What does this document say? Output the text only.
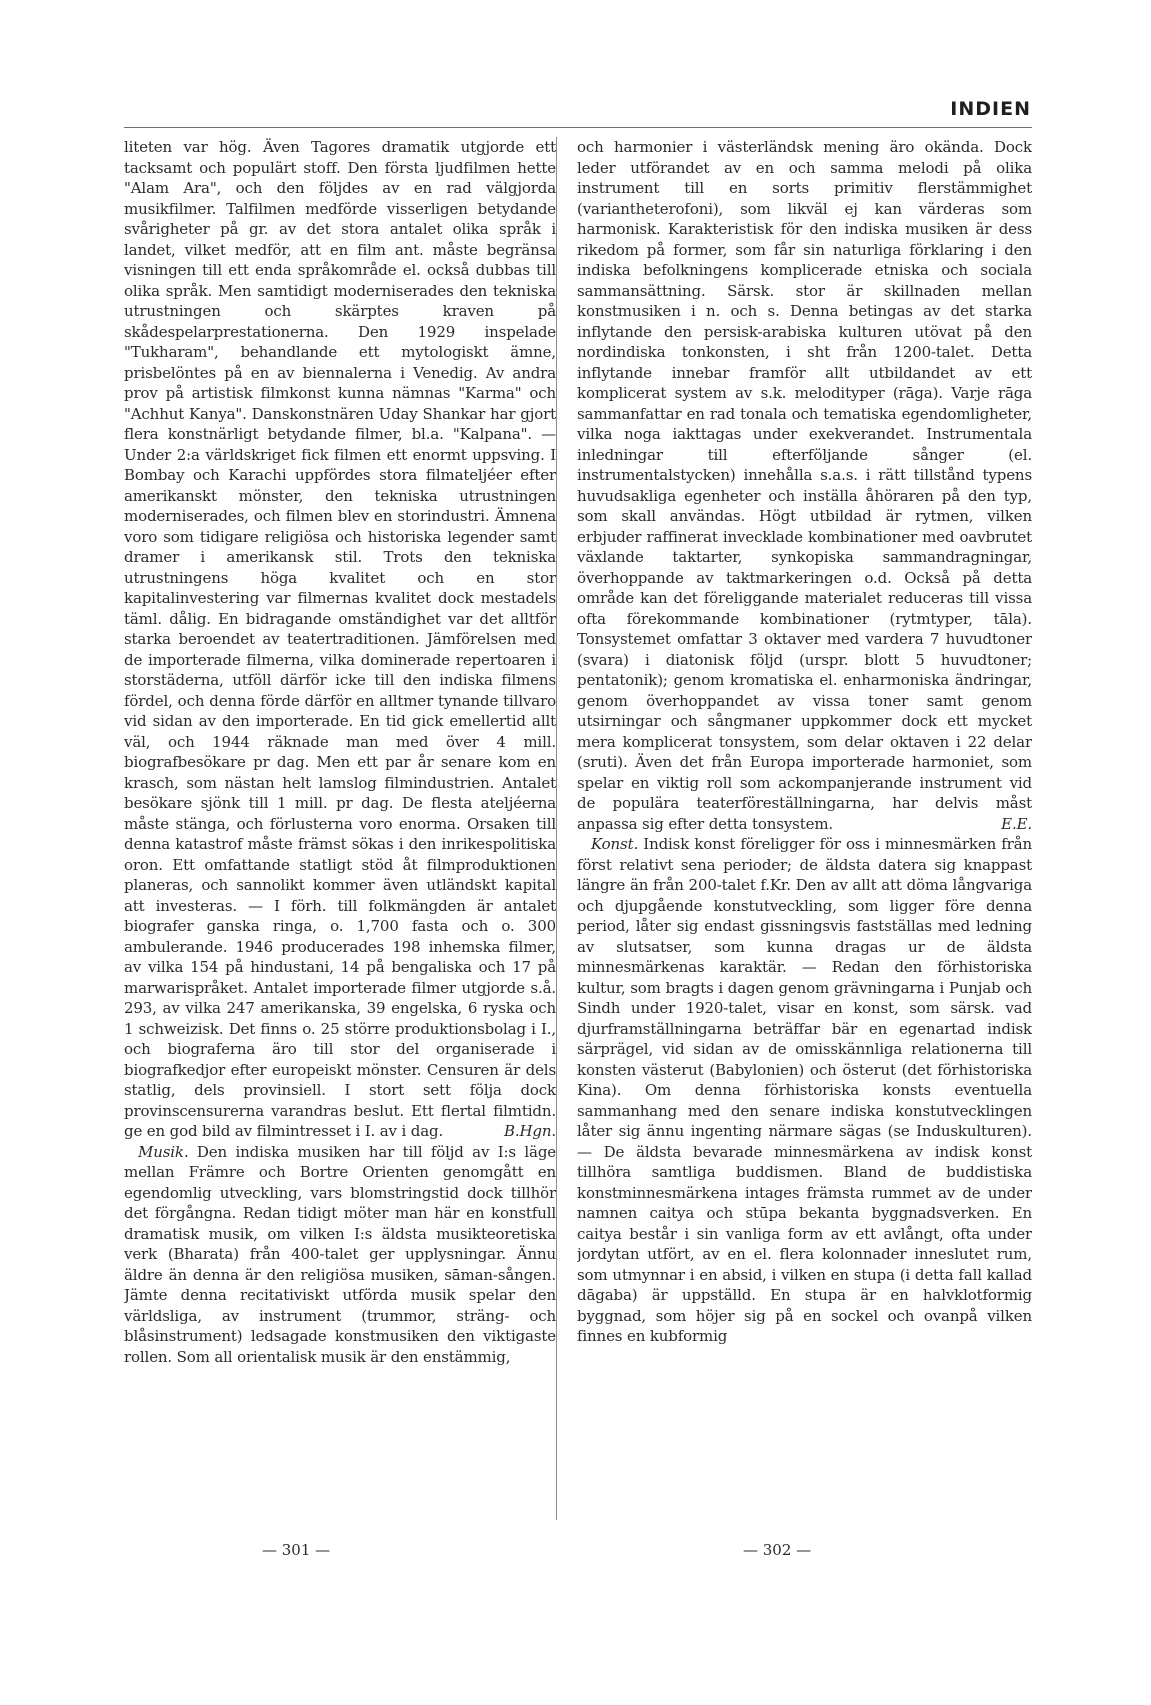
INDIEN

liteten var hög. Även Tagores dramatik utgjorde ett tacksamt och populärt stoff. Den första ljudfilmen hette "Alam Ara", och den följdes av en rad välgjorda musikfilmer. Talfilmen medförde visserligen betydande svårigheter på gr. av det stora antalet olika språk i landet, vilket medför, att en film ant. måste begränsa visningen till ett enda språkområde el. också dubbas till olika språk. Men samtidigt moderniserades den tekniska utrustningen och skärptes kraven på skådespelarprestationerna. Den 1929 inspelade "Tukharam", behandlande ett mytologiskt ämne, prisbelöntes på en av biennalerna i Venedig. Av andra prov på artistisk filmkonst kunna nämnas "Karma" och "Achhut Kanya". Danskonstnären Uday Shankar har gjort flera konstnärligt betydande filmer, bl.a. "Kalpana". — Under 2:a världskriget fick filmen ett enormt uppsving. I Bombay och Karachi uppfördes stora filmateljéer efter amerikanskt mönster, den tekniska utrustningen moderniserades, och filmen blev en storindustri. Ämnena voro som tidigare religiösa och historiska legender samt dramer i amerikansk stil. Trots den tekniska utrustningens höga kvalitet och en stor kapitalinvestering var filmernas kvalitet dock mestadels täml. dålig. En bidragande omständighet var det alltför starka beroendet av teatertraditionen. Jämförelsen med de importerade filmerna, vilka dominerade repertoaren i storstäderna, utföll därför icke till den indiska filmens fördel, och denna förde därför en alltmer tynande tillvaro vid sidan av den importerade. En tid gick emellertid allt väl, och 1944 räknade man med över 4 mill. biografbesökare pr dag. Men ett par år senare kom en krasch, som nästan helt lamslog filmindustrien. Antalet besökare sjönk till 1 mill. pr dag. De flesta ateljéerna måste stänga, och förlusterna voro enorma. Orsaken till denna katastrof måste främst sökas i den inrikespolitiska oron. Ett omfattande statligt stöd åt filmproduktionen planeras, och sannolikt kommer även utländskt kapital att investeras. — I förh. till folkmängden är antalet biografer ganska ringa, o. 1,700 fasta och o. 300 ambulerande. 1946 producerades 198 inhemska filmer, av vilka 154 på hindustani, 14 på bengaliska och 17 på marwarispråket. Antalet importerade filmer utgjorde s.å. 293, av vilka 247 amerikanska, 39 engelska, 6 ryska och 1 schweizisk. Det finns o. 25 större produktionsbolag i I., och biograferna äro till stor del organiserade i biografkedjor efter europeiskt mönster. Censuren är dels statlig, dels provinsiell. I stort sett följa dock provinscensurerna varandras beslut. Ett flertal filmtidn. ge en god bild av filmintresset i I. av i dag.	B.Hgn.

Musik. Den indiska musiken har till följd av I:s läge mellan Främre och Bortre Orienten genomgått en egendomlig utveckling, vars blomstringstid dock tillhör det förgångna. Redan tidigt möter man här en konstfull dramatisk musik, om vilken I:s äldsta musikteoretiska verk (Bharata) från 400-talet ger upplysningar. Ännu äldre än denna är den religiösa musiken, sāman-sången. Jämte denna recitativiskt utförda musik spelar den världsliga, av instrument (trummor, sträng- och blåsinstrument) ledsagade konstmusiken den viktigaste rollen. Som all orientalisk musik är den enstämmig,

och harmonier i västerländsk mening äro okända. Dock leder utförandet av en och samma melodi på olika instrument till en sorts primitiv flerstämmighet (variantheterofoni), som likväl ej kan värderas som harmonisk. Karakteristisk för den indiska musiken är dess rikedom på former, som får sin naturliga förklaring i den indiska befolkningens komplicerade etniska och sociala sammansättning. Särsk. stor är skillnaden mellan konstmusiken i n. och s. Denna betingas av det starka inflytande den persisk-arabiska kulturen utövat på den nordindiska tonkonsten, i sht från 1200-talet. Detta inflytande innebar framför allt utbildandet av ett komplicerat system av s.k. melodityper (rāga). Varje rāga sammanfattar en rad tonala och tematiska egendomligheter, vilka noga iakttagas under exekverandet. Instrumentala inledningar till efterföljande sånger (el. instrumentalstycken) innehålla s.a.s. i rätt tillstånd typens huvudsakliga egenheter och inställa åhöraren på den typ, som skall användas. Högt utbildad är rytmen, vilken erbjuder raffinerat invecklade kombinationer med oavbrutet växlande taktarter, synkopiska sammandragningar, överhoppande av taktmarkeringen o.d. Också på detta område kan det föreliggande materialet reduceras till vissa ofta förekommande kombinationer (rytmtyper, tāla). Tonsystemet omfattar 3 oktaver med vardera 7 huvudtoner (svara) i diatonisk följd (urspr. blott 5 huvudtoner; pentatonik); genom kromatiska el. enharmoniska ändringar, genom överhoppandet av vissa toner samt genom utsirningar och sångmaner uppkommer dock ett mycket mera komplicerat tonsystem, som delar oktaven i 22 delar (sruti). Även det från Europa importerade harmoniet, som spelar en viktig roll som ackompanjerande instrument vid de populära teaterföreställningarna, har delvis måst anpassa sig efter detta tonsystem.	E.E.

Konst. Indisk konst föreligger för oss i minnesmärken från först relativt sena perioder; de äldsta datera sig knappast längre än från 200-talet f.Kr. Den av allt att döma långvariga och djupgående konstutveckling, som ligger före denna period, låter sig endast gissningsvis fastställas med ledning av slutsatser, som kunna dragas ur de äldsta minnesmärkenas karaktär. — Redan den förhistoriska kultur, som bragts i dagen genom grävningarna i Punjab och Sindh under 1920-talet, visar en konst, som särsk. vad djurframställningarna beträffar bär en egenartad indisk särprägel, vid sidan av de omisskännliga relationerna till konsten västerut (Babylonien) och österut (det förhistoriska Kina). Om denna förhistoriska konsts eventuella sammanhang med den senare indiska konstutvecklingen låter sig ännu ingenting närmare sägas (se Induskulturen). — De äldsta bevarade minnesmärkena av indisk konst tillhöra samtliga buddismen. Bland de buddistiska konstminnesmärkena intages främsta rummet av de under namnen caitya och stūpa bekanta byggnadsverken. En caitya består i sin vanliga form av ett avlångt, ofta under jordytan utfört, av en el. flera kolonnader inneslutet rum, som utmynnar i en absid, i vilken en stupa (i detta fall kallad dāgaba) är uppställd. En stupa är en halvklotformig byggnad, som höjer sig på en sockel och ovanpå vilken finnes en kubformig

— 301 —	— 302 —
